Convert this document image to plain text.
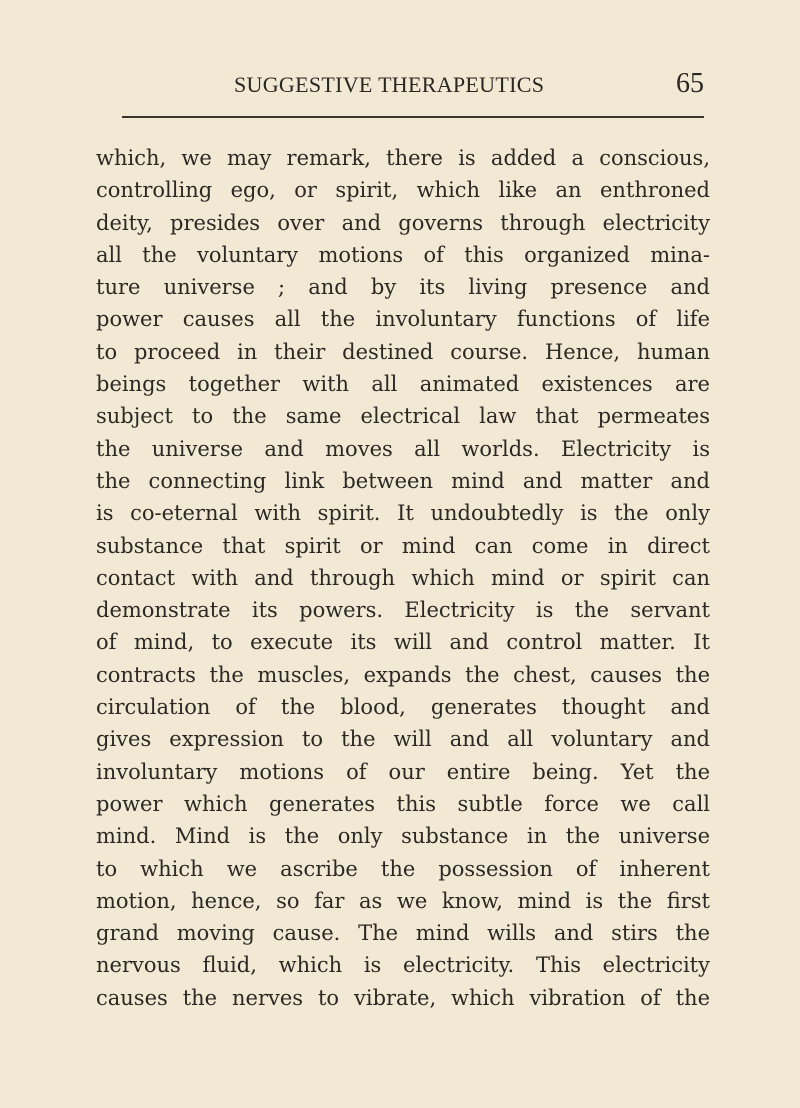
SUGGESTIVE THERAPEUTICS	65
which, we may remark, there is added a conscious,
controlling ego, or spirit, which like an enthroned
deity, presides over and governs through electricity
all the voluntary motions of this organized mina-
ture universe ; and by its living presence and
power causes all the involuntary functions of life
to proceed in their destined course. Hence, human
beings together with all animated existences are
subject to the same electrical law that permeates
the universe and moves all worlds. Electricity is
the connecting link between mind and matter and
is co-eternal with spirit. It undoubtedly is the only
substance that spirit or mind can come in direct
contact with and through which mind or spirit can
demonstrate its powers. Electricity is the servant
of mind, to execute its will and control matter. It
contracts the muscles, expands the chest, causes the
circulation of the blood, generates thought and
gives expression to the will and all voluntary and
involuntary motions of our entire being. Yet the
power which generates this subtle force we call
mind. Mind is the only substance in the universe
to which we ascribe the possession of inherent
motion, hence, so far as we know, mind is the first
grand moving cause. The mind wills and stirs the
nervous fluid, which is electricity. This electricity
causes the nerves to vibrate, which vibration of the
